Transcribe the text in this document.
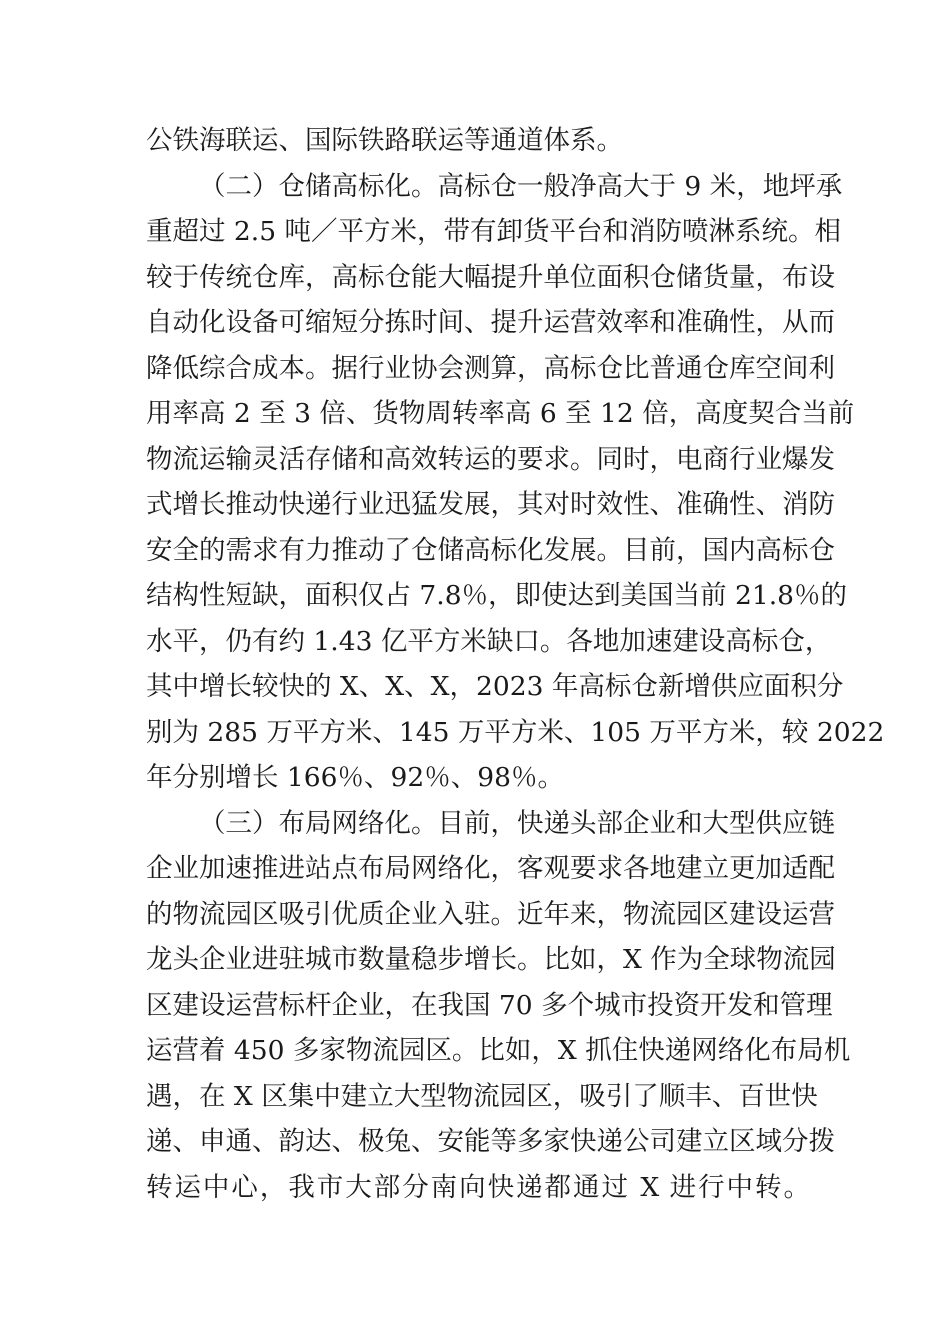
公铁海联运、国际铁路联运等通道体系。
（二）仓储高标化。高标仓一般净高大于 9 米，地坪承
重超过 2.5 吨／平方米，带有卸货平台和消防喷淋系统。相
较于传统仓库，高标仓能大幅提升单位面积仓储货量，布设
自动化设备可缩短分拣时间、提升运营效率和准确性，从而
降低综合成本。据行业协会测算，高标仓比普通仓库空间利
用率高 2 至 3 倍、货物周转率高 6 至 12 倍，高度契合当前
物流运输灵活存储和高效转运的要求。同时，电商行业爆发
式增长推动快递行业迅猛发展，其对时效性、准确性、消防
安全的需求有力推动了仓储高标化发展。目前，国内高标仓
结构性短缺，面积仅占 7.8％，即使达到美国当前 21.8％的
水平，仍有约 1.43 亿平方米缺口。各地加速建设高标仓，
其中增长较快的 X、X、X，2023 年高标仓新增供应面积分
别为 285 万平方米、145 万平方米、105 万平方米，较 2022
年分别增长 166％、92％、98％。
（三）布局网络化。目前，快递头部企业和大型供应链
企业加速推进站点布局网络化，客观要求各地建立更加适配
的物流园区吸引优质企业入驻。近年来，物流园区建设运营
龙头企业进驻城市数量稳步增长。比如，X 作为全球物流园
区建设运营标杆企业，在我国 70 多个城市投资开发和管理
运营着 450 多家物流园区。比如，X 抓住快递网络化布局机
遇，在 X 区集中建立大型物流园区，吸引了顺丰、百世快
递、申通、韵达、极兔、安能等多家快递公司建立区域分拨
转运中心，我市大部分南向快递都通过 X 进行中转。
